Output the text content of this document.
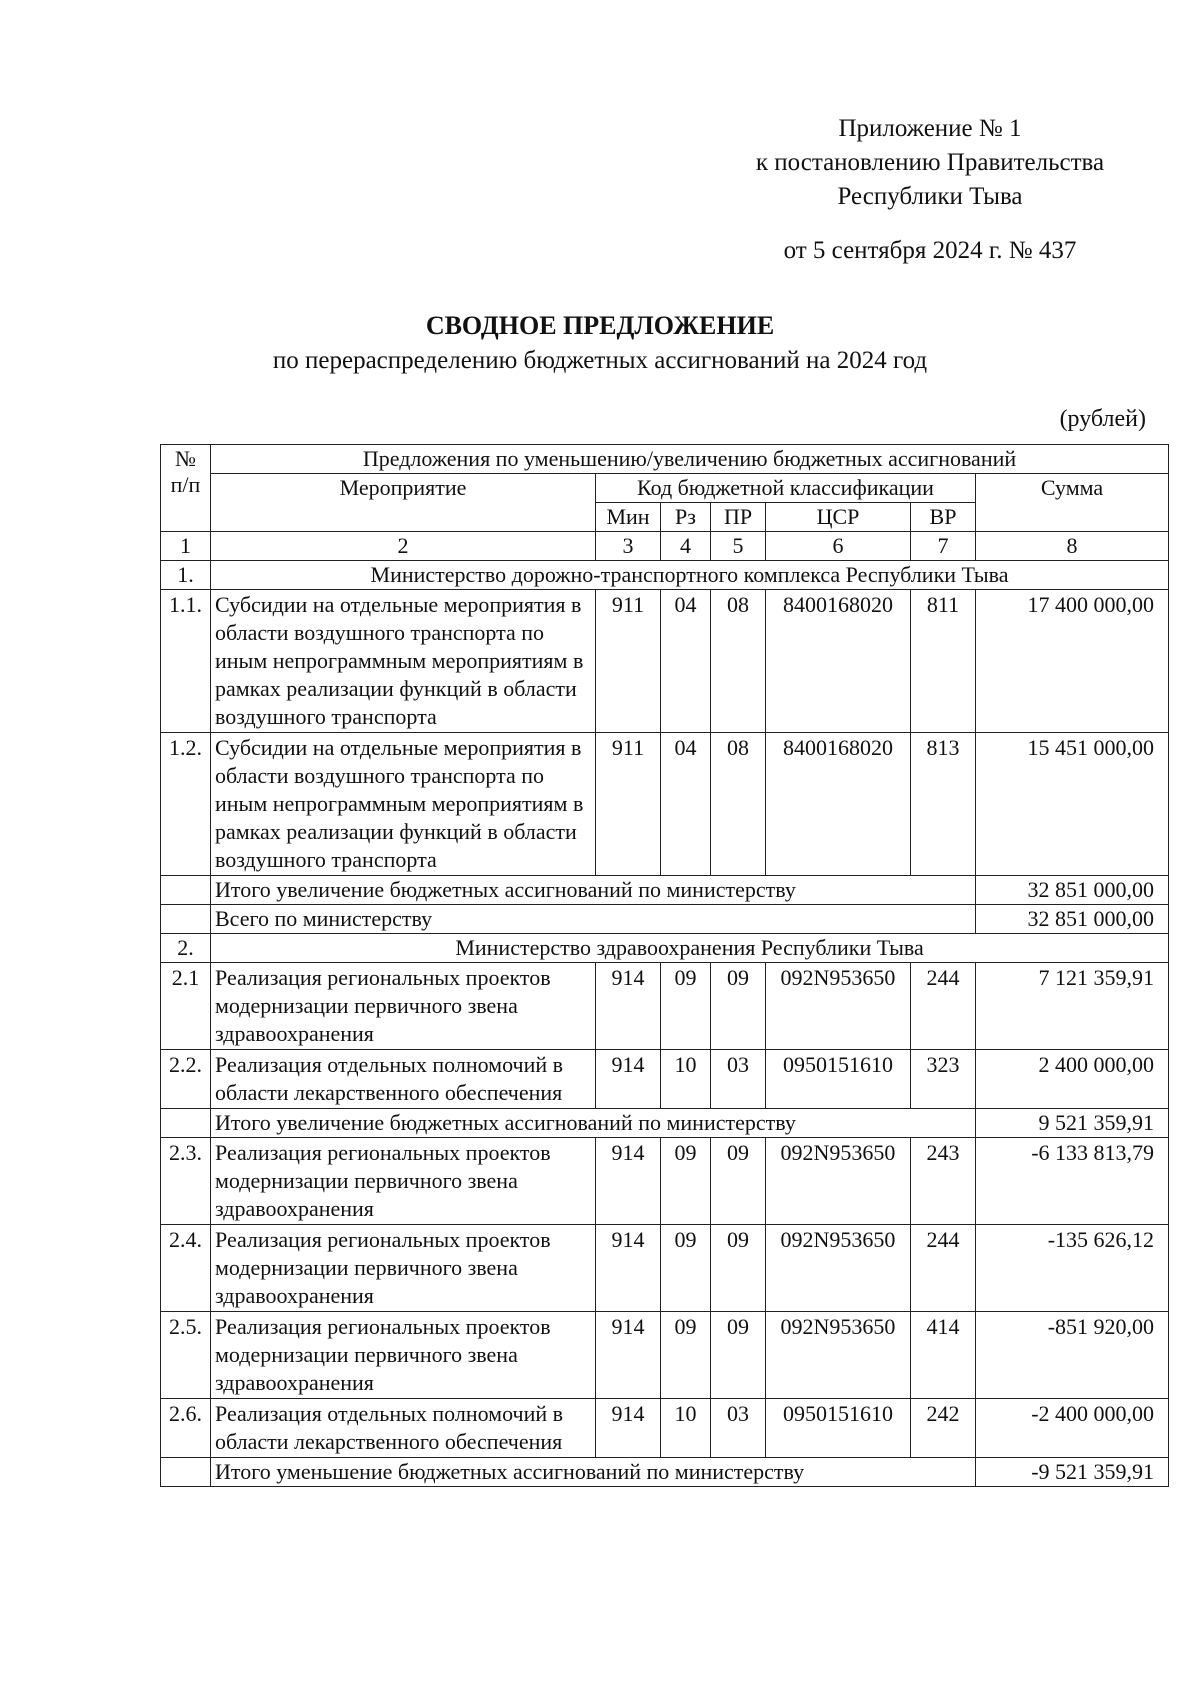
Приложение № 1
к постановлению Правительства
Республики Тыва
от 5 сентября 2024 г. № 437
СВОДНОЕ ПРЕДЛОЖЕНИЕ
по перераспределению бюджетных ассигнований на 2024 год
(рублей)
№ п/п	Предложения по уменьшению/увеличению бюджетных ассигнований						
	Мероприятие	Код бюджетной классификации					Сумма
		Мин	Рз	ПР	ЦСР	ВР	
1	2	3	4	5	6	7	8
1.	Министерство дорожно-транспортного комплекса Республики Тыва						
1.1.	Субсидии на отдельные мероприятия в области воздушного транспорта по иным непрограммным мероприятиям в рамках реализации функций в области воздушного транспорта	911	04	08	8400168020	811	17 400 000,00
1.2.	Субсидии на отдельные мероприятия в области воздушного транспорта по иным непрограммным мероприятиям в рамках реализации функций в области воздушного транспорта	911	04	08	8400168020	813	15 451 000,00
	Итого увеличение бюджетных ассигнований по министерству						32 851 000,00
	Всего по министерству						32 851 000,00
2.	Министерство здравоохранения Республики Тыва						
2.1	Реализация региональных проектов модернизации первичного звена здравоохранения	914	09	09	092N953650	244	7 121 359,91
2.2.	Реализация отдельных полномочий в области лекарственного обеспечения	914	10	03	0950151610	323	2 400 000,00
	Итого увеличение бюджетных ассигнований по министерству						9 521 359,91
2.3.	Реализация региональных проектов модернизации первичного звена здравоохранения	914	09	09	092N953650	243	-6 133 813,79
2.4.	Реализация региональных проектов модернизации первичного звена здравоохранения	914	09	09	092N953650	244	-135 626,12
2.5.	Реализация региональных проектов модернизации первичного звена здравоохранения	914	09	09	092N953650	414	-851 920,00
2.6.	Реализация отдельных полномочий в области лекарственного обеспечения	914	10	03	0950151610	242	-2 400 000,00
	Итого уменьшение бюджетных ассигнований по министерству						-9 521 359,91
